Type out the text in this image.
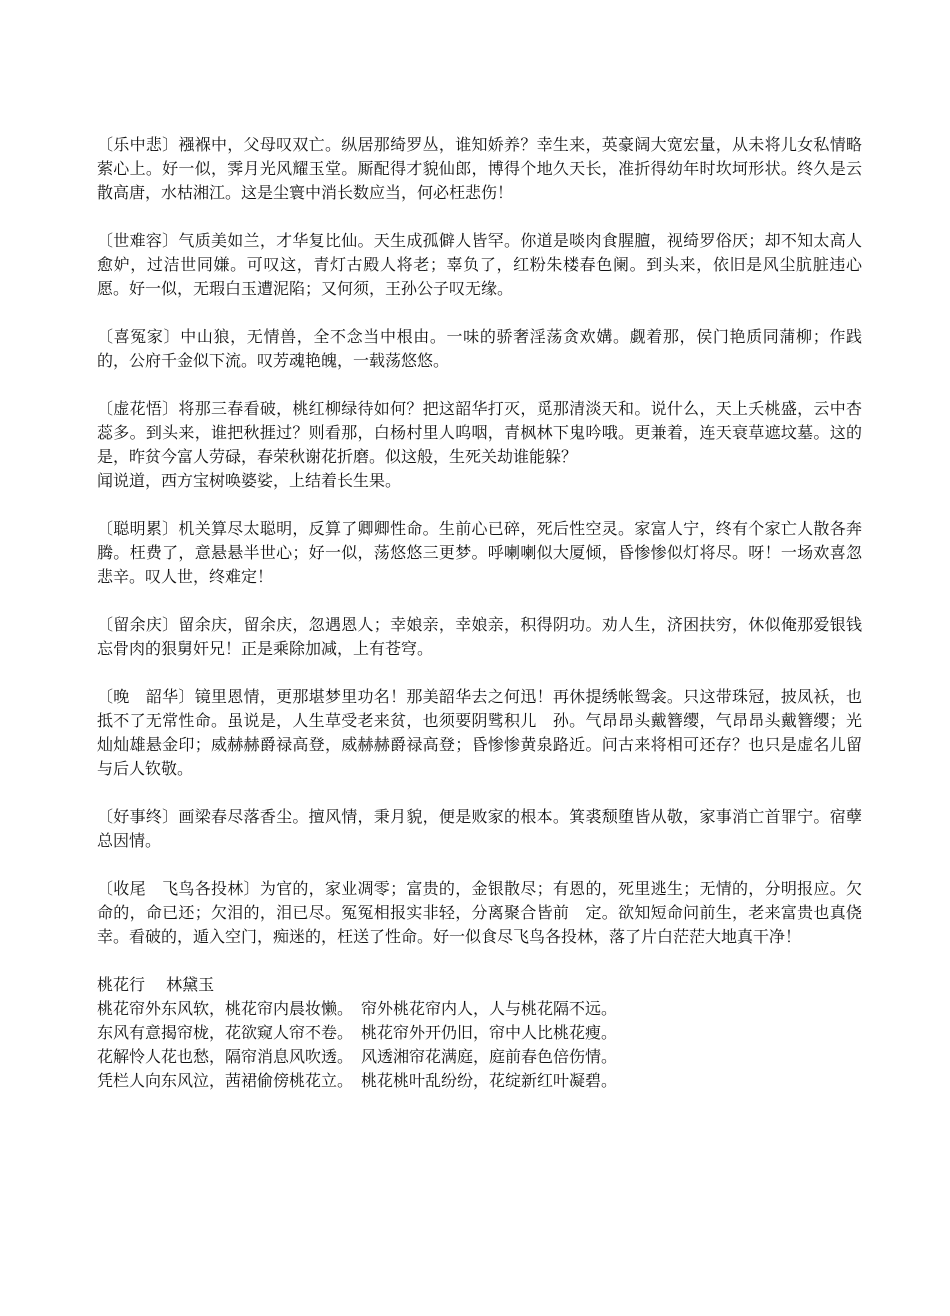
〔乐中悲〕襁褓中，父母叹双亡。纵居那绮罗丛，谁知娇养？幸生来，英豪阔大宽宏量，从未将儿女私情略萦心上。好一似，霁月光风耀玉堂。厮配得才貌仙郎，博得个地久天长，准折得幼年时坎坷形状。终久是云散高唐，水枯湘江。这是尘寰中消长数应当，何必枉悲伤！

〔世难容〕气质美如兰，才华复比仙。天生成孤僻人皆罕。你道是啖肉食腥膻，视绮罗俗厌；却不知太高人愈妒，过洁世同嫌。可叹这，青灯古殿人将老；辜负了，红粉朱楼春色阑。到头来，依旧是风尘肮脏违心愿。好一似，无瑕白玉遭泥陷；又何须，王孙公子叹无缘。

〔喜冤家〕中山狼，无情兽，全不念当中根由。一味的骄奢淫荡贪欢媾。觑着那，侯门艳质同蒲柳；作践的，公府千金似下流。叹芳魂艳魄，一载荡悠悠。

〔虚花悟〕将那三春看破，桃红柳绿待如何？把这韶华打灭，觅那清淡天和。说什么，天上夭桃盛，云中杏蕊多。到头来，谁把秋捱过？则看那，白杨村里人呜咽，青枫林下鬼吟哦。更兼着，连天衰草遮坟墓。这的是，昨贫今富人劳碌，春荣秋谢花折磨。似这般，生死关劫谁能躲？

闻说道，西方宝树唤婆娑，上结着长生果。

〔聪明累〕机关算尽太聪明，反算了卿卿性命。生前心已碎，死后性空灵。家富人宁，终有个家亡人散各奔腾。枉费了，意悬悬半世心；好一似，荡悠悠三更梦。呼喇喇似大厦倾，昏惨惨似灯将尽。呀！一场欢喜忽悲辛。叹人世，终难定！

〔留余庆〕留余庆，留余庆，忽遇恩人；幸娘亲，幸娘亲，积得阴功。劝人生，济困扶穷，休似俺那爱银钱忘骨肉的狠舅奸兄！正是乘除加减，上有苍穹。

〔晚　韶华〕镜里恩情，更那堪梦里功名！那美韶华去之何迅！再休提绣帐鸳衾。只这带珠冠，披凤袄，也抵不了无常性命。虽说是，人生草受老来贫，也须要阴骘积儿　孙。气昂昂头戴簪缨，气昂昂头戴簪缨；光灿灿雄悬金印；威赫赫爵禄高登，威赫赫爵禄高登；昏惨惨黄泉路近。问古来将相可还存？也只是虚名儿留与后人钦敬。

〔好事终〕画梁春尽落香尘。擅风情，秉月貌，便是败家的根本。箕裘颓堕皆从敬，家事消亡首罪宁。宿孽总因情。

〔收尾　飞鸟各投林〕为官的，家业凋零；富贵的，金银散尽；有恩的，死里逃生；无情的，分明报应。欠命的，命已还；欠泪的，泪已尽。冤冤相报实非轻，分离聚合皆前　定。欲知短命问前生，老来富贵也真侥幸。看破的，遁入空门，痴迷的，枉送了性命。好一似食尽飞鸟各投林，落了片白茫茫大地真干净！

桃花行　 林黛玉

桃花帘外东风软，桃花帘内晨妆懒。　帘外桃花帘内人，人与桃花隔不远。

东风有意揭帘栊，花欲窥人帘不卷。　桃花帘外开仍旧，帘中人比桃花瘦。

花解怜人花也愁，隔帘消息风吹透。　风透湘帘花满庭，庭前春色倍伤情。

凭栏人向东风泣，茜裙偷傍桃花立。　桃花桃叶乱纷纷，花绽新红叶凝碧。
